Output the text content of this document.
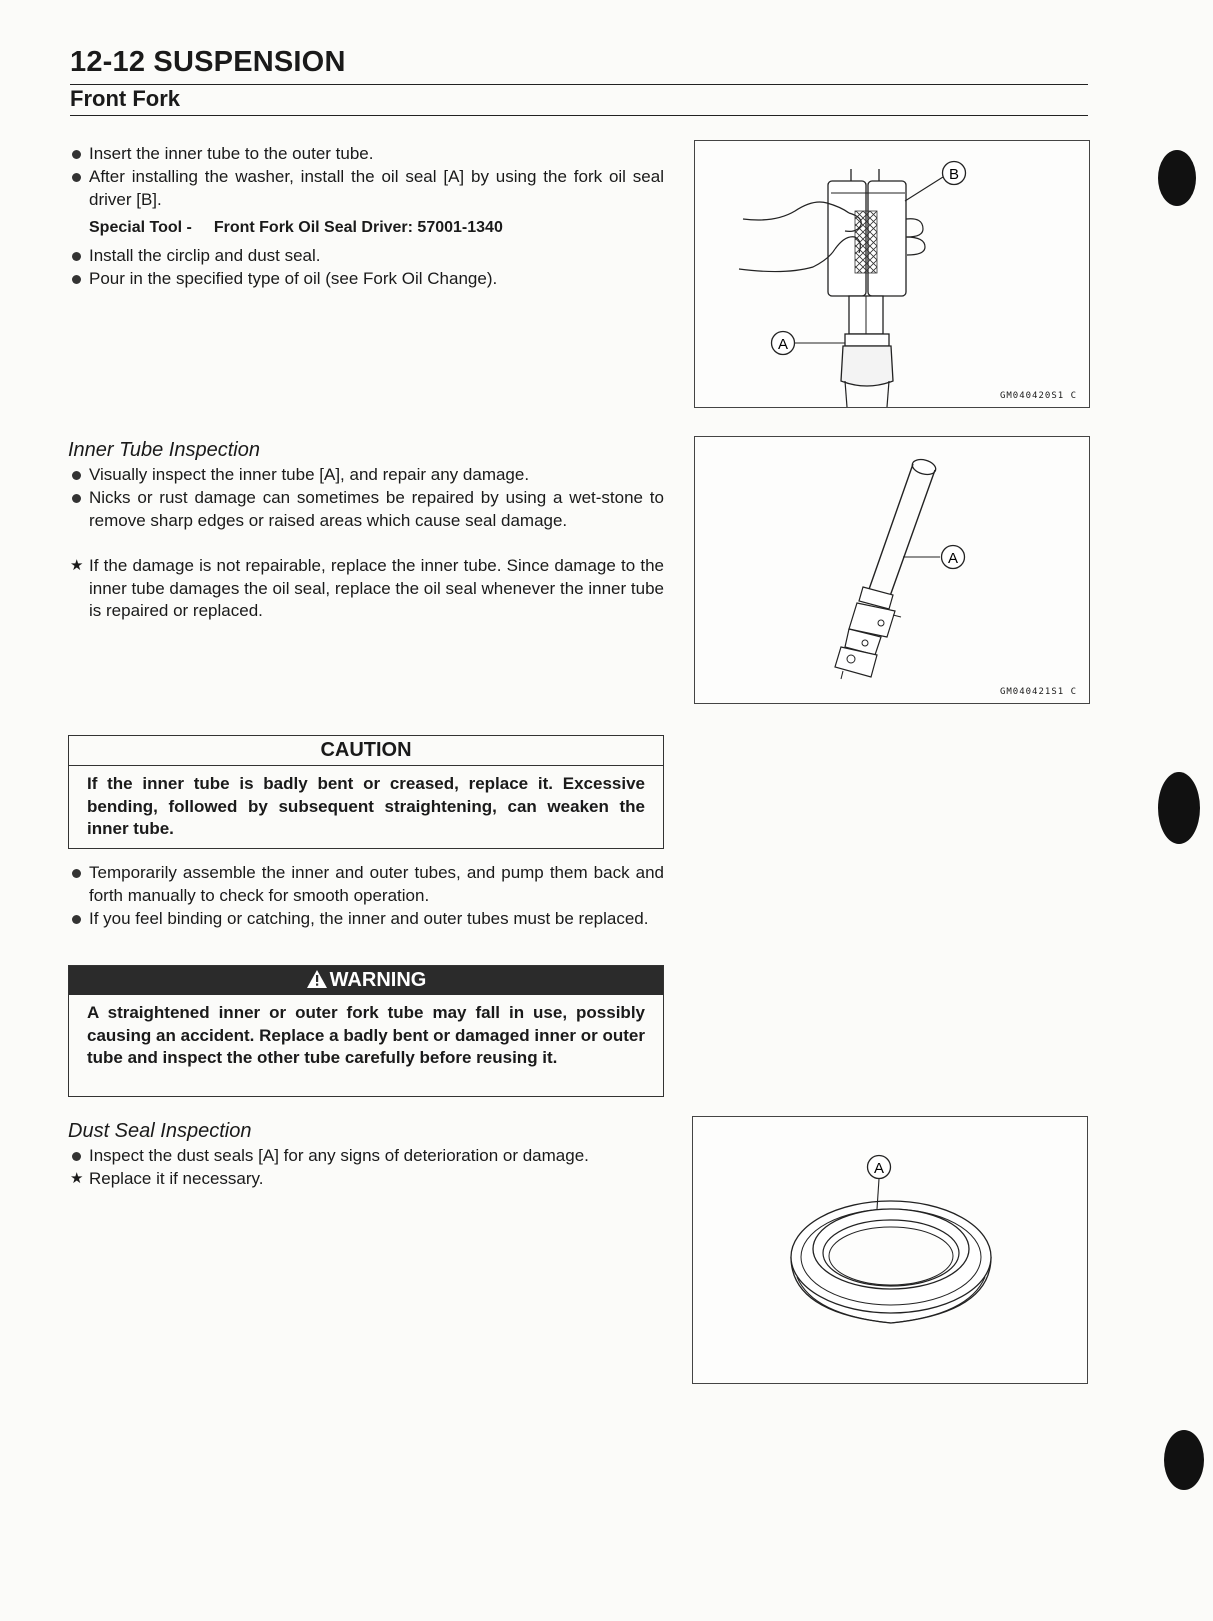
12-12 SUSPENSION
Front Fork
Insert the inner tube to the outer tube.
After installing the washer, install the oil seal [A] by using the fork oil seal driver [B].
Special Tool - Front Fork Oil Seal Driver: 57001-1340
Install the circlip and dust seal.
Pour in the specified type of oil (see Fork Oil Change).
B
A
GM040420S1 C
Inner Tube Inspection
Visually inspect the inner tube [A], and repair any damage.
Nicks or rust damage can sometimes be repaired by using a wet-stone to remove sharp edges or raised areas which cause seal damage.
★ If the damage is not repairable, replace the inner tube. Since damage to the inner tube damages the oil seal, replace the oil seal whenever the inner tube is repaired or replaced.
A
GM040421S1 C
CAUTION
If the inner tube is badly bent or creased, replace it. Excessive bending, followed by subsequent straightening, can weaken the inner tube.
Temporarily assemble the inner and outer tubes, and pump them back and forth manually to check for smooth operation.
If you feel binding or catching, the inner and outer tubes must be replaced.
WARNING
A straightened inner or outer fork tube may fall in use, possibly causing an accident. Replace a badly bent or damaged inner or outer tube and inspect the other tube carefully before reusing it.
Dust Seal Inspection
Inspect the dust seals [A] for any signs of deterioration or damage.
★ Replace it if necessary.
A
